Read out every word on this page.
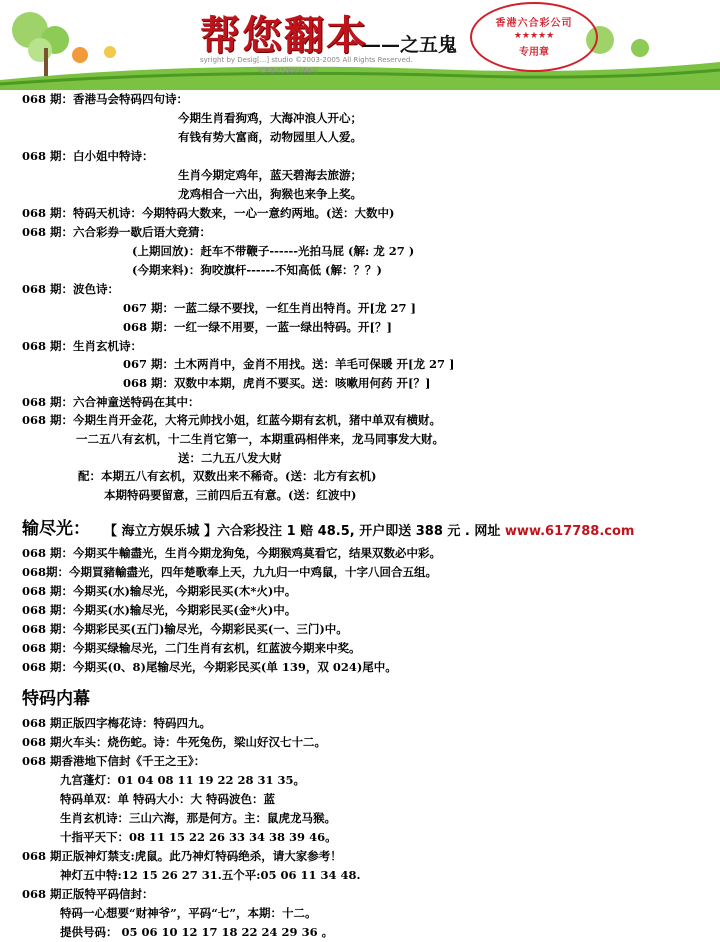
帮您翻本
——之五鬼
syright by Desig[...] studio ©2003-2005 All Rights Reserved.
ICP备05006668号
香港六合彩公司
★★★★★
专用章
068 期：香港马会特码四句诗：
今期生肖看狗鸡，大海冲浪人开心；
有钱有势大富商，动物园里人人爱。
068 期：白小姐中特诗：
生肖今期定鸡年，蓝天碧海去旅游；
龙鸡相合一六出，狗猴也来争上奖。
068 期：特码天机诗：今期特码大数来，一心一意约两地。(送：大数中)
068 期：六合彩券一歇后语大竞猜：
(上期回放)：赶车不带鞭子------光拍马屁 (解: 龙 27 )
(今期来料)：狗咬旗杆------不知高低 (解：？？)
068 期：波色诗：
067 期：一蓝二绿不要找，一红生肖出特肖。开[龙 27 ]
068 期：一红一绿不用要，一蓝一绿出特码。开[？]
068 期：生肖玄机诗：
067 期：土木两肖中，金肖不用找。送：羊毛可保暖 开[龙 27 ]
068 期：双数中本期，虎肖不要买。送：咳嗽用何药 开[？]
068 期：六合神童送特码在其中：
068 期：今期生肖开金花，大将元帅找小姐，红蓝今期有玄机，猪中单双有横财。
一二五八有玄机，十二生肖它第一，本期重码相伴来，龙马同事发大财。
送：二九五八发大财
配：本期五八有玄机，双数出来不稀奇。(送：北方有玄机)
本期特码要留意，三前四后五有意。(送：红波中)
068 期：今期买牛輸盡光，生肖今期龙狗兔，今期猴鸡莫看它，结果双数必中彩。
068期：今期買豬輸盡光，四年楚歌奉上天，九九归一中鸡鼠，十字八回合五组。
068 期：今期买(水)输尽光，今期彩民买(木*火)中。
068 期：今期买(水)输尽光，今期彩民买(金*火)中。
068 期：今期彩民买(五门)输尽光，今期彩民买(一、三门)中。
068 期：今期买绿输尽光，二门生肖有玄机，红蓝波今期来中奖。
068 期：今期买(0、8)尾输尽光，今期彩民买(单 139，双 024)尾中。
068 期正版四字梅花诗：特码四九。
068 期火车头：烧伤蛇。诗：牛死兔伤，梁山好汉七十二。
068 期香港地下信封《千王之王》：
九宫蓬灯：01 04 08 11 19 22 28 31 35。
特码单双：单 特码大小：大 特码波色：蓝
生肖玄机诗：三山六海，那是何方。主：鼠虎龙马猴。
十指平天下：08 11 15 22 26 33 34 38 39 46。
068 期正版神灯禁支:虎鼠。此乃神灯特码绝杀，请大家参考！
神灯五中特:12 15 26 27 31.五个平:05 06 11 34 48.
068 期正版特平码信封：
特码一心想要“财神爷”，平码“七”，本期：十二。
提供号码： 05 06 10 12 17 18 22 24 29 36 。
输尽光： 【 海立方娱乐城 】六合彩投注 1 赔 48.5, 开户即送 388 元 . 网址 www.617788.com
特码内幕
